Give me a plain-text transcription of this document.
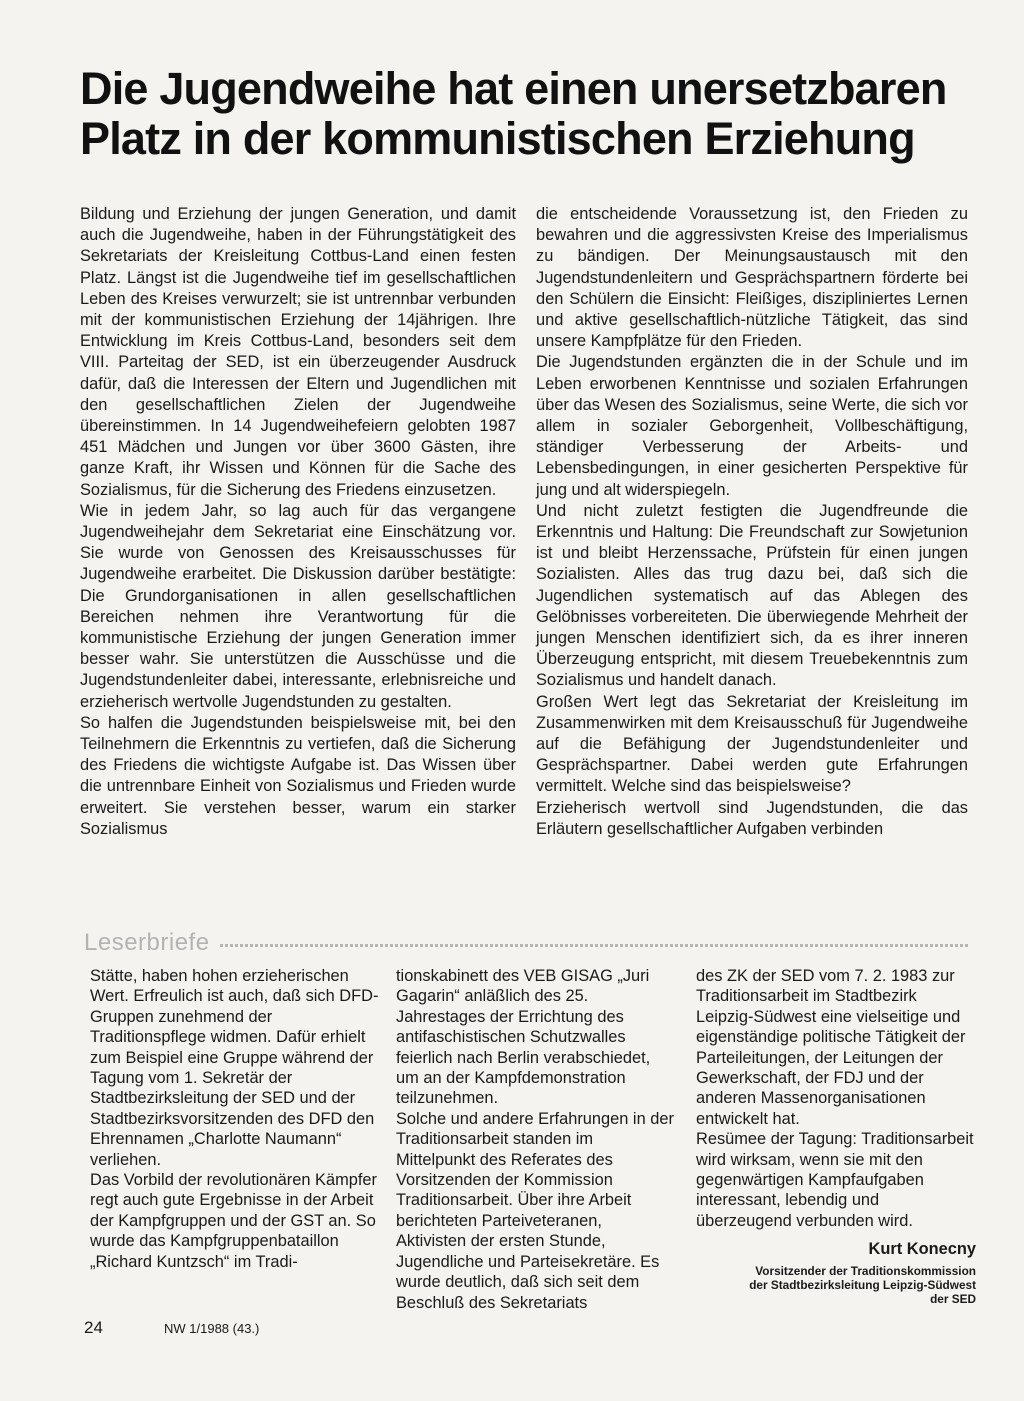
Die Jugendweihe hat einen unersetzbaren
Platz in der kommunistischen Erziehung

Bildung und Erziehung der jungen Generation, und damit auch die Jugendweihe, haben in der Führungstätigkeit des Sekretariats der Kreisleitung Cottbus-Land einen festen Platz. Längst ist die Jugendweihe tief im gesellschaftlichen Leben des Kreises verwurzelt; sie ist untrennbar verbunden mit der kommunistischen Erziehung der 14jährigen. Ihre Entwicklung im Kreis Cottbus-Land, besonders seit dem VIII. Parteitag der SED, ist ein überzeugender Ausdruck dafür, daß die Interessen der Eltern und Jugendlichen mit den gesellschaftlichen Zielen der Jugendweihe übereinstimmen. In 14 Jugendweihefeiern gelobten 1987 451 Mädchen und Jungen vor über 3600 Gästen, ihre ganze Kraft, ihr Wissen und Können für die Sache des Sozialismus, für die Sicherung des Friedens einzusetzen.

Wie in jedem Jahr, so lag auch für das vergangene Jugendweihejahr dem Sekretariat eine Einschätzung vor. Sie wurde von Genossen des Kreisausschusses für Jugendweihe erarbeitet. Die Diskussion darüber bestätigte: Die Grundorganisationen in allen gesellschaftlichen Bereichen nehmen ihre Verantwortung für die kommunistische Erziehung der jungen Generation immer besser wahr. Sie unterstützen die Ausschüsse und die Jugendstundenleiter dabei, interessante, erlebnisreiche und erzieherisch wertvolle Jugendstunden zu gestalten.

So halfen die Jugendstunden beispielsweise mit, bei den Teilnehmern die Erkenntnis zu vertiefen, daß die Sicherung des Friedens die wichtigste Aufgabe ist. Das Wissen über die untrennbare Einheit von Sozialismus und Frieden wurde erweitert. Sie verstehen besser, warum ein starker Sozialismus

die entscheidende Voraussetzung ist, den Frieden zu bewahren und die aggressivsten Kreise des Imperialismus zu bändigen. Der Meinungsaustausch mit den Jugendstundenleitern und Gesprächspartnern förderte bei den Schülern die Einsicht: Fleißiges, diszipliniertes Lernen und aktive gesellschaftlich-nützliche Tätigkeit, das sind unsere Kampfplätze für den Frieden.

Die Jugendstunden ergänzten die in der Schule und im Leben erworbenen Kenntnisse und sozialen Erfahrungen über das Wesen des Sozialismus, seine Werte, die sich vor allem in sozialer Geborgenheit, Vollbeschäftigung, ständiger Verbesserung der Arbeits- und Lebensbedingungen, in einer gesicherten Perspektive für jung und alt widerspiegeln.

Und nicht zuletzt festigten die Jugendfreunde die Erkenntnis und Haltung: Die Freundschaft zur Sowjetunion ist und bleibt Herzenssache, Prüfstein für einen jungen Sozialisten. Alles das trug dazu bei, daß sich die Jugendlichen systematisch auf das Ablegen des Gelöbnisses vorbereiteten. Die überwiegende Mehrheit der jungen Menschen identifiziert sich, da es ihrer inneren Überzeugung entspricht, mit diesem Treuebekenntnis zum Sozialismus und handelt danach.

Großen Wert legt das Sekretariat der Kreisleitung im Zusammenwirken mit dem Kreisausschuß für Jugendweihe auf die Befähigung der Jugendstundenleiter und Gesprächspartner. Dabei werden gute Erfahrungen vermittelt. Welche sind das beispielsweise?

Erzieherisch wertvoll sind Jugendstunden, die das Erläutern gesellschaftlicher Aufgaben verbinden

Leserbriefe

Stätte, haben hohen erzieherischen Wert. Erfreulich ist auch, daß sich DFD-Gruppen zunehmend der Traditionspflege widmen. Dafür erhielt zum Beispiel eine Gruppe während der Tagung vom 1. Sekretär der Stadtbezirksleitung der SED und der Stadtbezirksvorsitzenden des DFD den Ehrennamen „Charlotte Naumann“ verliehen.

Das Vorbild der revolutionären Kämpfer regt auch gute Ergebnisse in der Arbeit der Kampfgruppen und der GST an. So wurde das Kampfgruppenbataillon „Richard Kuntzsch“ im Tradi-

tionskabinett des VEB GISAG „Juri Gagarin“ anläßlich des 25. Jahrestages der Errichtung des antifaschistischen Schutzwalles feierlich nach Berlin verabschiedet, um an der Kampfdemonstration teilzunehmen.

Solche und andere Erfahrungen in der Traditionsarbeit standen im Mittelpunkt des Referates des Vorsitzenden der Kommission Traditionsarbeit. Über ihre Arbeit berichteten Parteiveteranen, Aktivisten der ersten Stunde, Jugendliche und Parteisekretäre. Es wurde deutlich, daß sich seit dem Beschluß des Sekretariats

des ZK der SED vom 7. 2. 1983 zur Traditionsarbeit im Stadtbezirk Leipzig-Südwest eine vielseitige und eigenständige politische Tätigkeit der Parteileitungen, der Leitungen der Gewerkschaft, der FDJ und der anderen Massenorganisationen entwickelt hat.

Resümee der Tagung: Traditionsarbeit wird wirksam, wenn sie mit den gegenwärtigen Kampfaufgaben interessant, lebendig und überzeugend verbunden wird.

Kurt Konecny
Vorsitzender der Traditionskommission
der Stadtbezirksleitung Leipzig-Südwest
der SED
24	NW 1/1988 (43.)
